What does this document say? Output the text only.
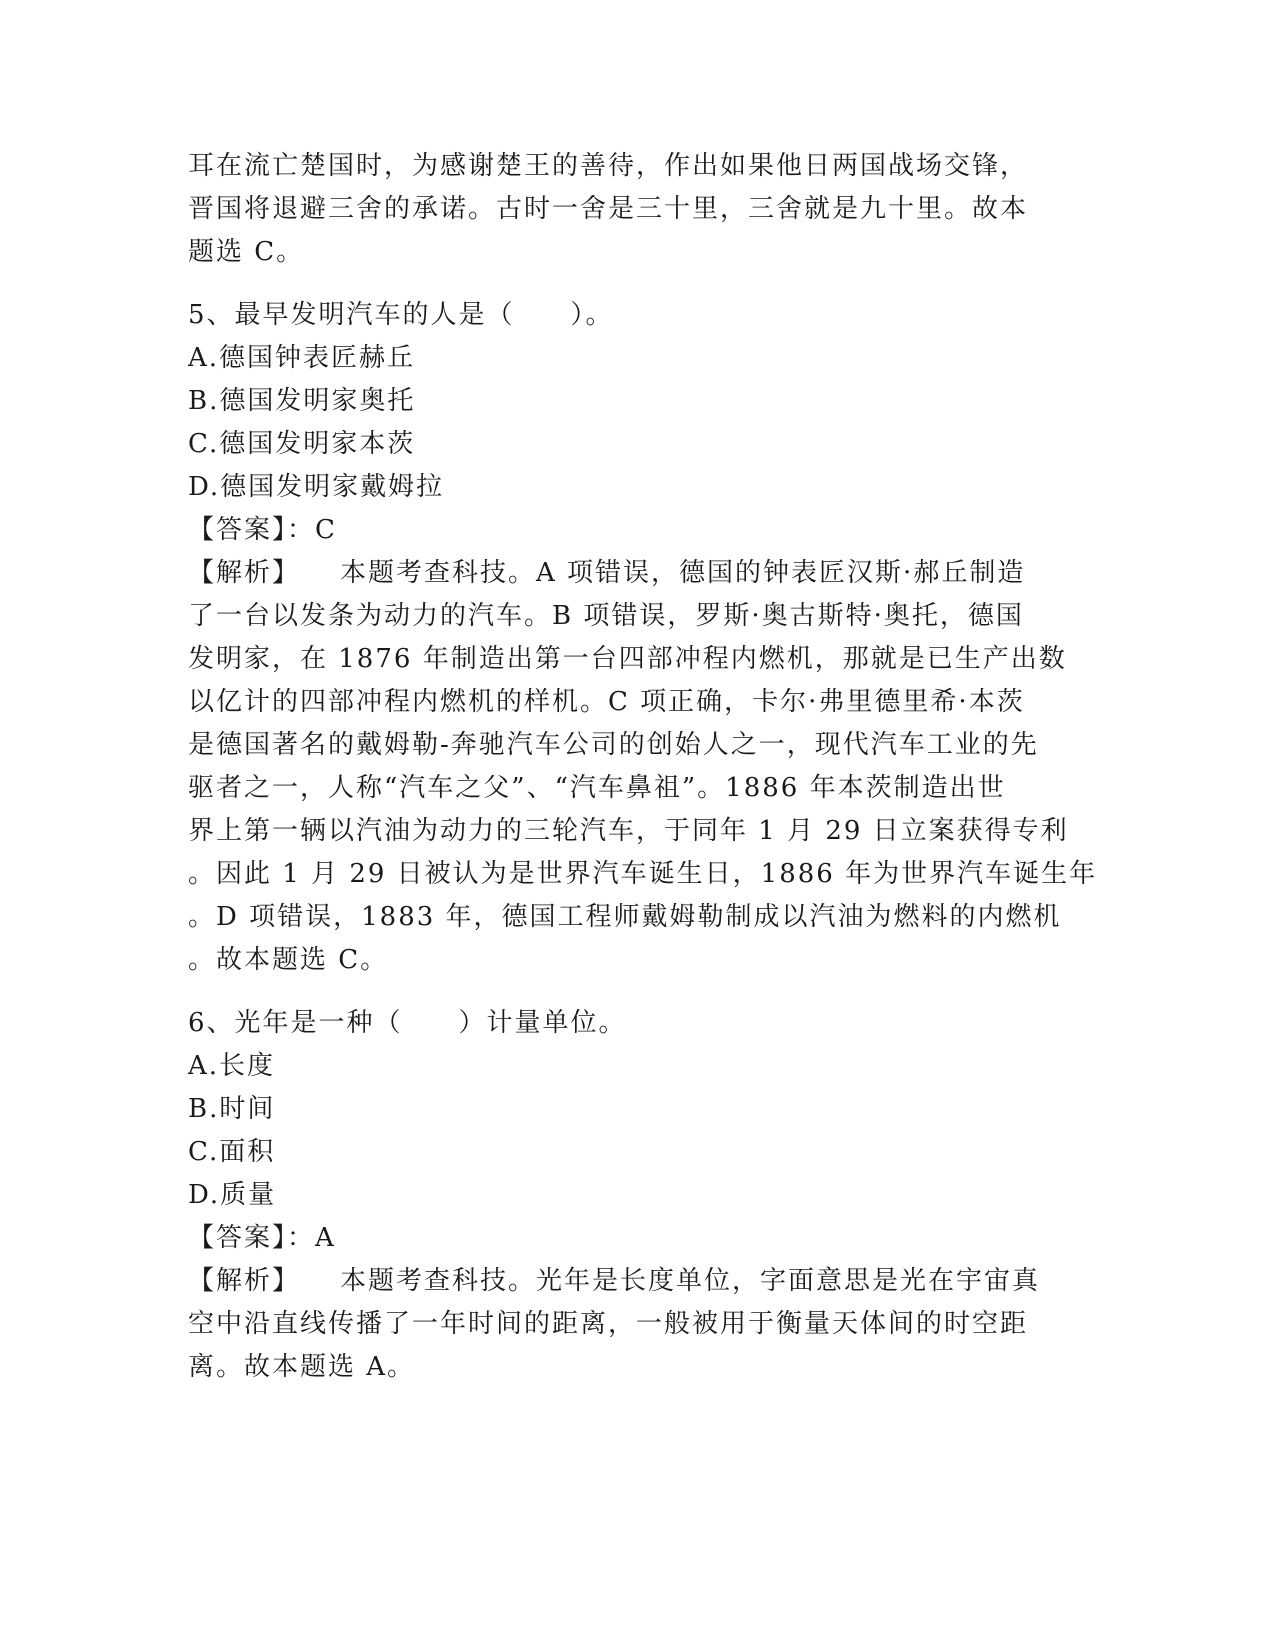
耳在流亡楚国时，为感谢楚王的善待，作出如果他日两国战场交锋，
晋国将退避三舍的承诺。古时一舍是三十里，三舍就是九十里。故本
题选 C。
5、最早发明汽车的人是（　　）。
A.德国钟表匠赫丘
B.德国发明家奥托
C.德国发明家本茨
D.德国发明家戴姆拉
【答案】：C
【解析】 本题考查科技。A 项错误，德国的钟表匠汉斯·郝丘制造
了一台以发条为动力的汽车。B 项错误，罗斯·奥古斯特·奥托，德国
发明家，在 1876 年制造出第一台四部冲程内燃机，那就是已生产出数
以亿计的四部冲程内燃机的样机。C 项正确，卡尔·弗里德里希·本茨
是德国著名的戴姆勒-奔驰汽车公司的创始人之一，现代汽车工业的先
驱者之一，人称“汽车之父”、“汽车鼻祖”。1886 年本茨制造出世
界上第一辆以汽油为动力的三轮汽车，于同年 1 月 29 日立案获得专利
。因此 1 月 29 日被认为是世界汽车诞生日，1886 年为世界汽车诞生年
。D 项错误，1883 年，德国工程师戴姆勒制成以汽油为燃料的内燃机
。故本题选 C。
6、光年是一种（　　）计量单位。
A.长度
B.时间
C.面积
D.质量
【答案】：A
【解析】 本题考查科技。光年是长度单位，字面意思是光在宇宙真
空中沿直线传播了一年时间的距离，一般被用于衡量天体间的时空距
离。故本题选 A。
